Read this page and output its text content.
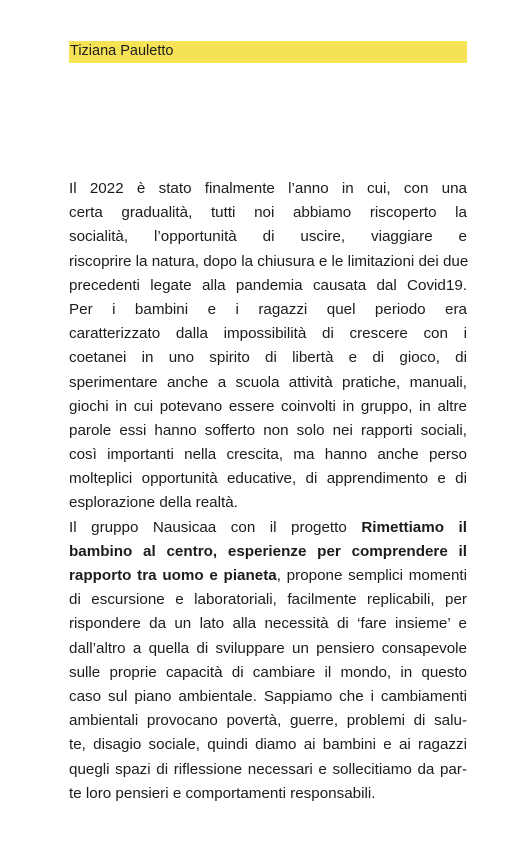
Tiziana Pauletto
Il 2022 è stato finalmente l’anno in cui, con una
certa gradualità, tutti noi abbiamo riscoperto la
socialità, l’opportunità di uscire, viaggiare e
riscoprire la natura, dopo la chiusura e le limitazioni dei due
precedenti legate alla pandemia causata dal Covid19.
Per i bambini e i ragazzi quel periodo era
caratterizzato dalla impossibilità di crescere con i
coetanei in uno spirito di libertà e di gioco, di
sperimentare anche a scuola attività pratiche, manuali,
giochi in cui potevano essere coinvolti in gruppo, in altre
parole essi hanno sofferto non solo nei rapporti sociali,
così importanti nella crescita, ma hanno anche perso
molteplici opportunità educative, di apprendimento e di
esplorazione della realtà.
Il gruppo Nausicaa con il progetto Rimettiamo il
bambino al centro, esperienze per comprendere il
rapporto tra uomo e pianeta, propone semplici momenti
di escursione e laboratoriali, facilmente replicabili, per
rispondere da un lato alla necessità di ‘fare insieme’ e
dall’altro a quella di sviluppare un pensiero consapevole
sulle proprie capacità di cambiare il mondo, in questo
caso sul piano ambientale. Sappiamo che i cambiamenti
ambientali provocano povertà, guerre, problemi di salu-
te, disagio sociale, quindi diamo ai bambini e ai ragazzi
quegli spazi di riflessione necessari e sollecitiamo da par-
te loro pensieri e comportamenti responsabili.
